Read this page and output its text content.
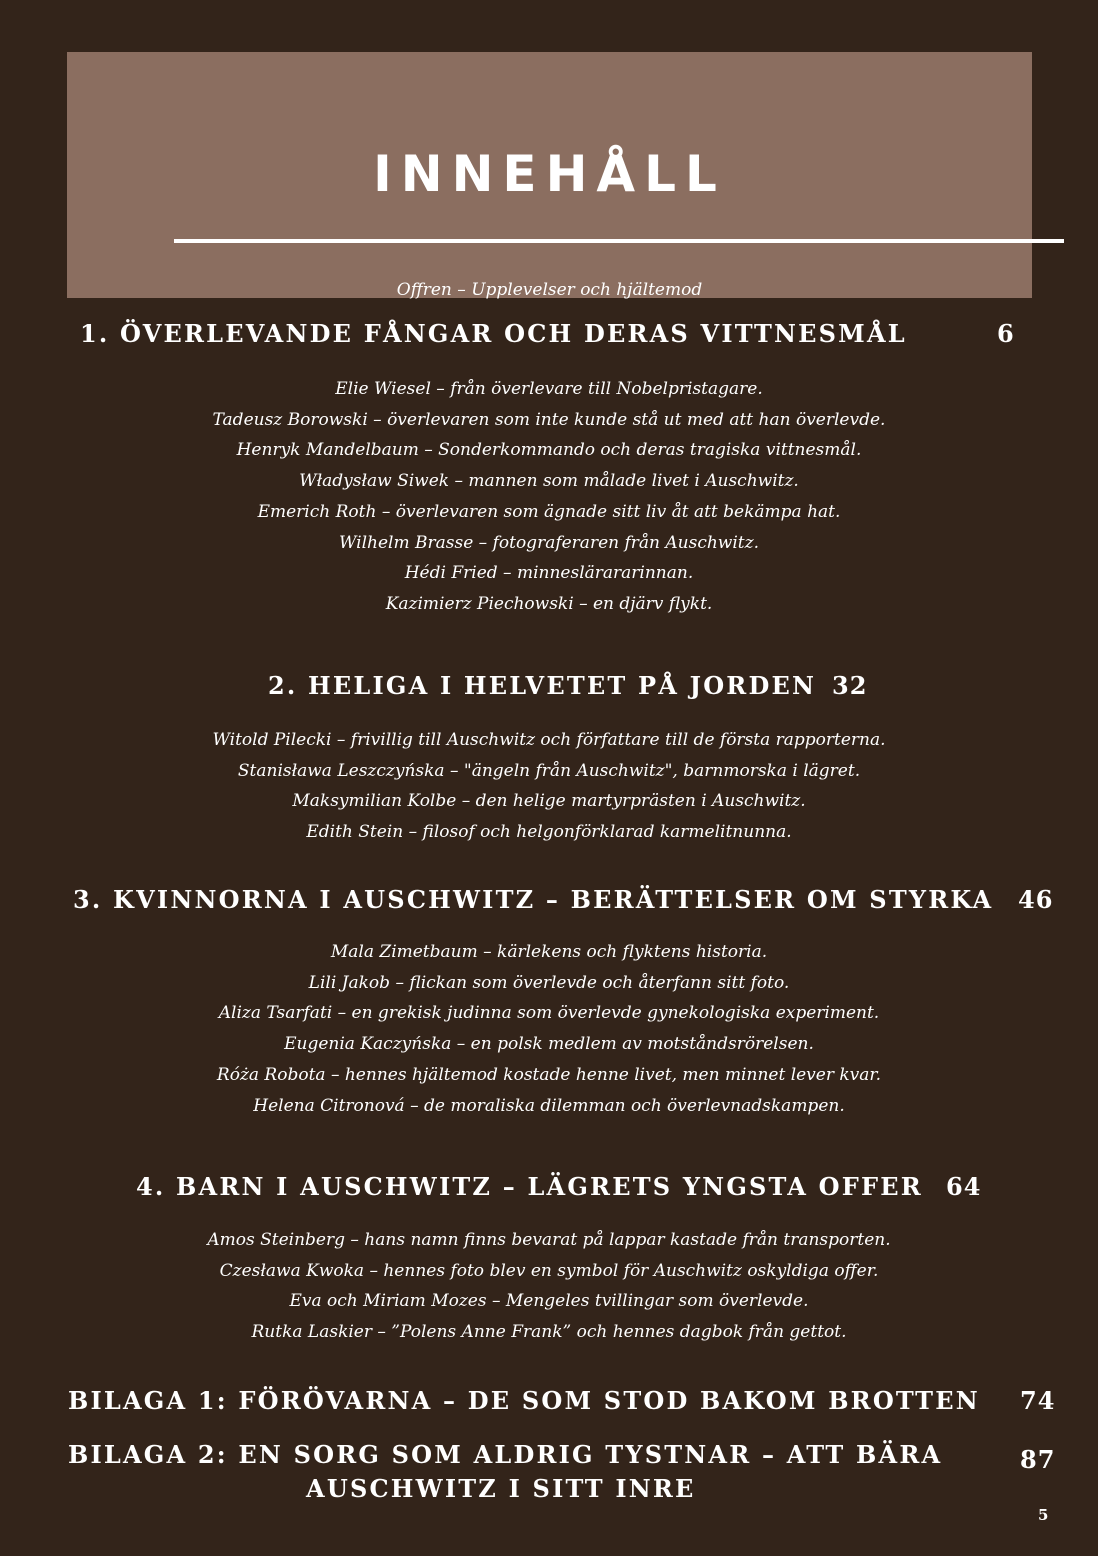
INNEHÅLL
Offren – Upplevelser och hjältemod
1. ÖVERLEVANDE FÅNGAR OCH DERAS VITTNESMÅL	6
Elie Wiesel – från överlevare till Nobelpristagare.
Tadeusz Borowski – överlevaren som inte kunde stå ut med att han överlevde.
Henryk Mandelbaum – Sonderkommando och deras tragiska vittnesmål.
Władysław Siwek – mannen som målade livet i Auschwitz.
Emerich Roth – överlevaren som ägnade sitt liv åt att bekämpa hat.
Wilhelm Brasse – fotograferaren från Auschwitz.
Hédi Fried – minneslärararinnan.
Kazimierz Piechowski – en djärv flykt.
2. HELIGA I HELVETET PÅ JORDEN 32
Witold Pilecki – frivillig till Auschwitz och författare till de första rapporterna.
Stanisława Leszczyńska – "ängeln från Auschwitz", barnmorska i lägret.
Maksymilian Kolbe – den helige martyrprästen i Auschwitz.
Edith Stein – filosof och helgonförklarad karmelitnunna.
3. KVINNORNA I AUSCHWITZ – BERÄTTELSER OM STYRKA 46
Mala Zimetbaum – kärlekens och flyktens historia.
Lili Jakob – flickan som överlevde och återfann sitt foto.
Aliza Tsarfati – en grekisk judinna som överlevde gynekologiska experiment.
Eugenia Kaczyńska – en polsk medlem av motståndsrörelsen.
Róża Robota – hennes hjältemod kostade henne livet, men minnet lever kvar.
Helena Citronová – de moraliska dilemman och överlevnadskampen.
4. BARN I AUSCHWITZ – LÄGRETS YNGSTA OFFER 64
Amos Steinberg – hans namn finns bevarat på lappar kastade från transporten.
Czesława Kwoka – hennes foto blev en symbol för Auschwitz oskyldiga offer.
Eva och Miriam Mozes – Mengeles tvillingar som överlevde.
Rutka Laskier – ”Polens Anne Frank” och hennes dagbok från gettot.
BILAGA 1: FÖRÖVARNA – DE SOM STOD BAKOM BROTTEN 74
BILAGA 2: EN SORG SOM ALDRIG TYSTNAR – ATT BÄRA
AUSCHWITZ I SITT INRE
87
5
